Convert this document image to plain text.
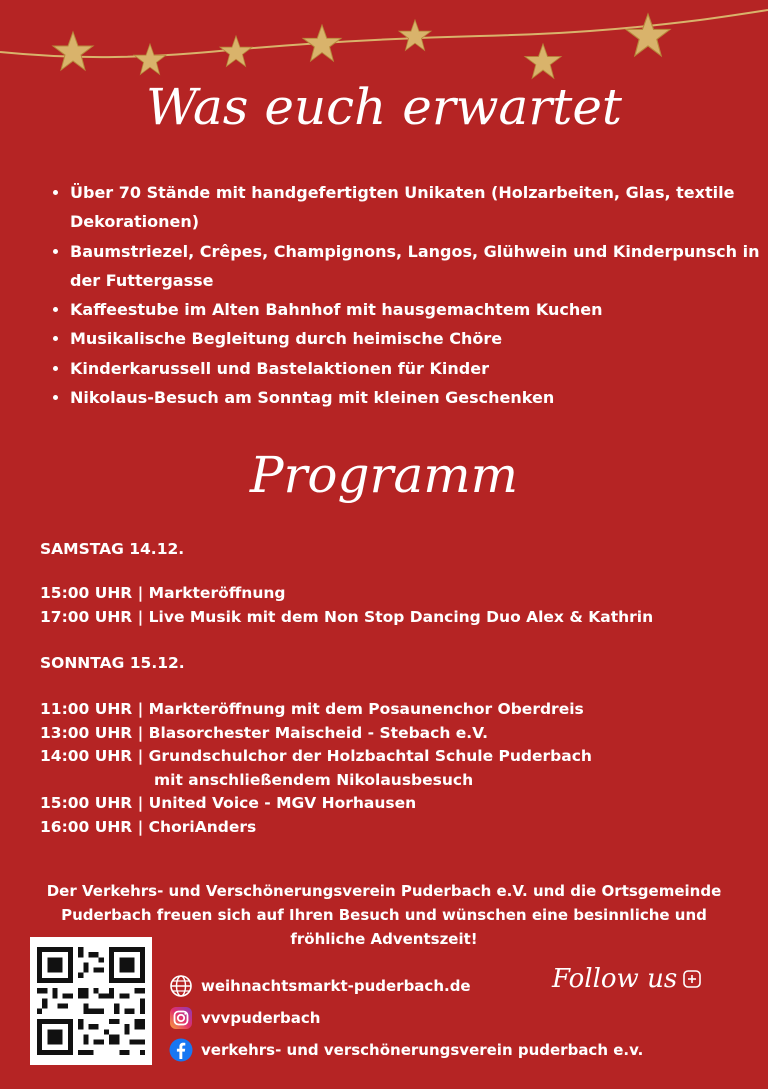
Was euch erwartet
• Über 70 Stände mit handgefertigten Unikaten (Holzarbeiten, Glas, textile Dekorationen)
• Baumstriezel, Crêpes, Champignons, Langos, Glühwein und Kinderpunsch in der Futtergasse
• Kaffeestube im Alten Bahnhof mit hausgemachtem Kuchen
• Musikalische Begleitung durch heimische Chöre
• Kinderkarussell und Bastelaktionen für Kinder
• Nikolaus-Besuch am Sonntag mit kleinen Geschenken
Programm
SAMSTAG 14.12.
15:00 UHR | Markteröffnung
17:00 UHR | Live Musik mit dem Non Stop Dancing Duo Alex & Kathrin
SONNTAG 15.12.
11:00 UHR | Markteröffnung mit dem Posaunenchor Oberdreis
13:00 UHR | Blasorchester Maischeid - Stebach e.V.
14:00 UHR | Grundschulchor der Holzbachtal Schule Puderbach
mit anschließendem Nikolausbesuch
15:00 UHR | United Voice - MGV Horhausen
16:00 UHR | ChoriAnders
Der Verkehrs- und Verschönerungsverein Puderbach e.V. und die Ortsgemeinde Puderbach freuen sich auf Ihren Besuch und wünschen eine besinnliche und fröhliche Adventszeit!
weihnachtsmarkt-puderbach.de
vvvpuderbach
verkehrs- und verschönerungsverein puderbach e.v.
Follow us
